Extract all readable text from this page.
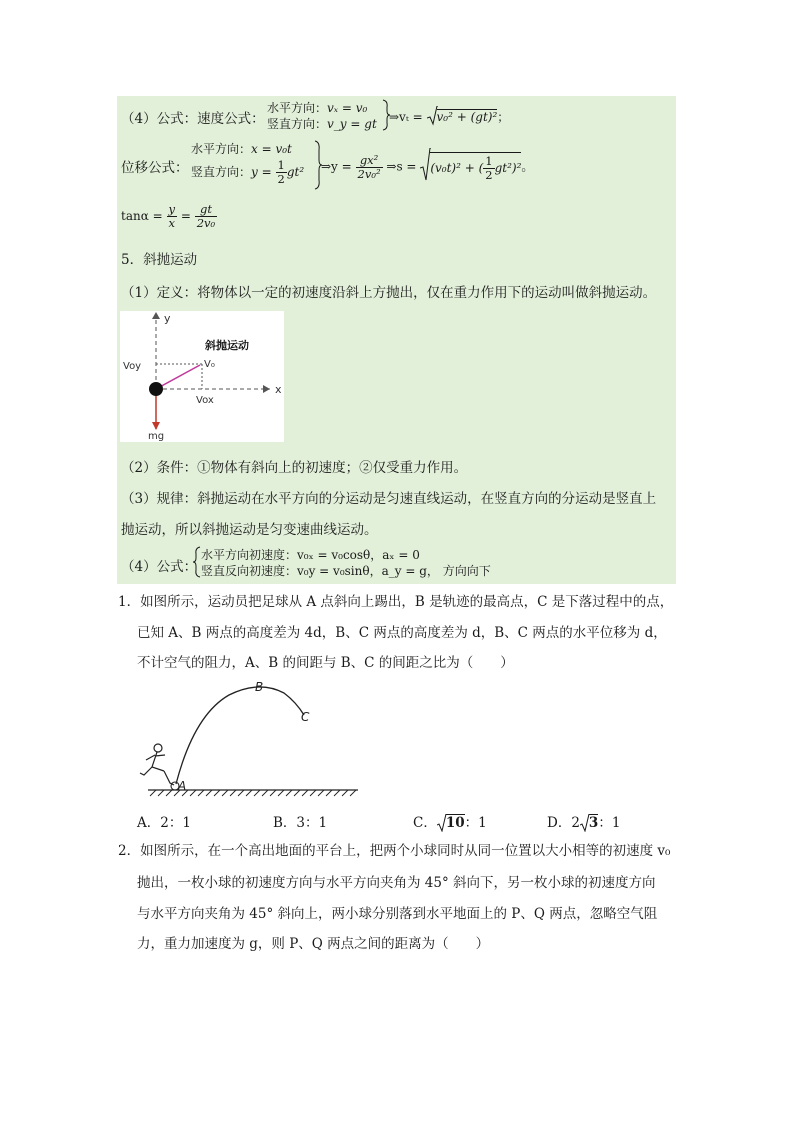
（4）公式：速度公式：
水平方向：vₓ = v₀
竖直方向：v_y = gt ⇒vₜ = v₀² + (gt)²；
位移公式：
水平方向：x = v₀t
竖直方向：$y = \frac{1}{2} gt^2$ ⇒y = $\frac{\text{gx²}}{\text{2v₀²}}$ ⇒s = (v₀t)² + ( $\frac{1}{2} gt^2)^2$。
$\tan\alpha = \frac{y}{x} = \frac{gt}{\text{2v₀}}$
5．斜抛运动
（1）定义：将物体以一定的初速度沿斜上方抛出，仅在重力作用下的运动叫做斜抛运动。
y
斜抛运动
Voy	V₀
x
Vox
mg
（2）条件：①物体有斜向上的初速度；②仅受重力作用。
（3）规律：斜抛运动在水平方向的分运动是匀速直线运动，在竖直方向的分运动是竖直上
抛运动，所以斜抛运动是匀变速曲线运动。
（4）公式：
水平方向初速度：v₀ₓ = v₀cosθ，aₓ = 0
竖直反向初速度：v₀y = v₀sinθ，a_y = g， 方向向下
1．如图所示，运动员把足球从 A 点斜向上踢出，B 是轨迹的最高点，C 是下落过程中的点，
已知 A、B 两点的高度差为 4d，B、C 两点的高度差为 d，B、C 两点的水平位移为 d，
不计空气的阻力，A、B 的间距与 B、C 的间距之比为（　　）
A
B
C
A．2：1	B．3：1	C． 10：1	D．2 3：1
2．如图所示，在一个高出地面的平台上，把两个小球同时从同一位置以大小相等的初速度 v₀
抛出，一枚小球的初速度方向与水平方向夹角为 45° 斜向下，另一枚小球的初速度方向
与水平方向夹角为 45° 斜向上，两小球分别落到水平地面上的 P、Q 两点，忽略空气阻
力，重力加速度为 g，则 P、Q 两点之间的距离为（　　）
